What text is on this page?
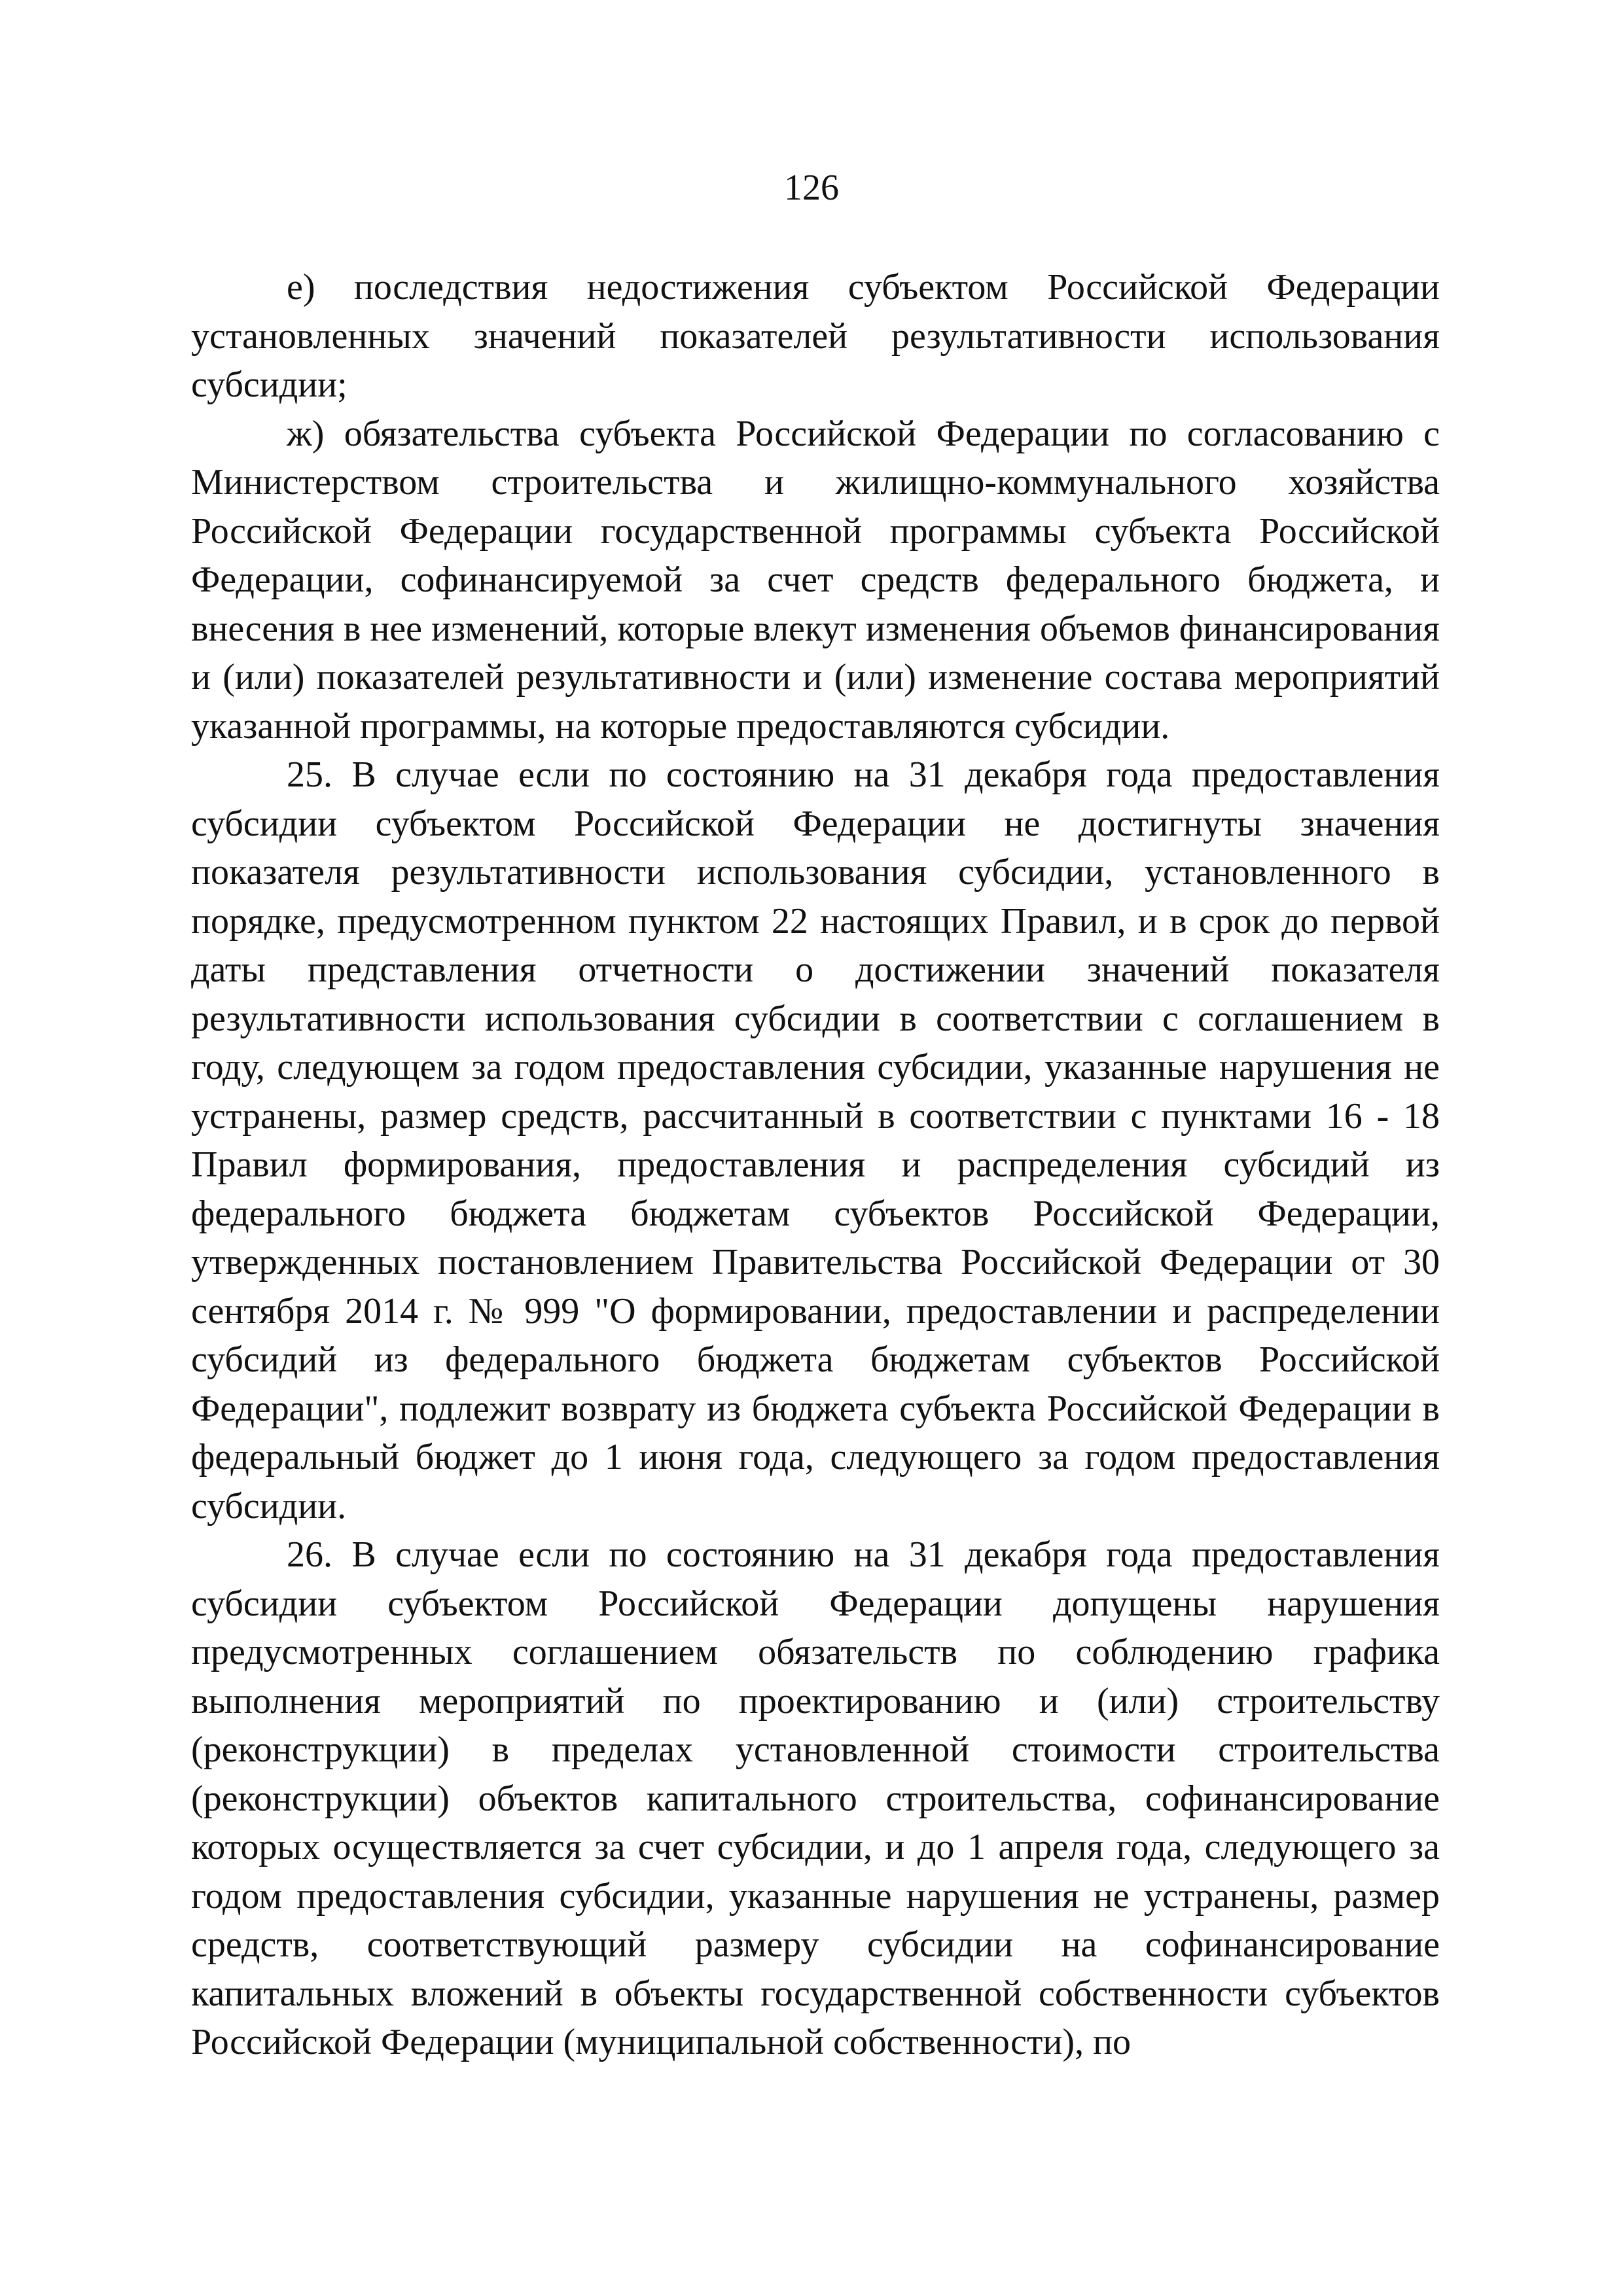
126

е) последствия недостижения субъектом Российской Федерации установленных значений показателей результативности использования субсидии;

ж) обязательства субъекта Российской Федерации по согласованию с Министерством строительства и жилищно-коммунального хозяйства Российской Федерации государственной программы субъекта Российской Федерации, софинансируемой за счет средств федерального бюджета, и внесения в нее изменений, которые влекут изменения объемов финансирования и (или) показателей результативности и (или) изменение состава мероприятий указанной программы, на которые предоставляются субсидии.

25. В случае если по состоянию на 31 декабря года предоставления субсидии субъектом Российской Федерации не достигнуты значения показателя результативности использования субсидии, установленного в порядке, предусмотренном пунктом 22 настоящих Правил, и в срок до первой даты представления отчетности о достижении значений показателя результативности использования субсидии в соответствии с соглашением в году, следующем за годом предоставления субсидии, указанные нарушения не устранены, размер средств, рассчитанный в соответствии с пунктами 16 - 18 Правил формирования, предоставления и распределения субсидий из федерального бюджета бюджетам субъектов Российской Федерации, утвержденных постановлением Правительства Российской Федерации от 30 сентября 2014 г. № 999 "О формировании, предоставлении и распределении субсидий из федерального бюджета бюджетам субъектов Российской Федерации", подлежит возврату из бюджета субъекта Российской Федерации в федеральный бюджет до 1 июня года, следующего за годом предоставления субсидии.

26. В случае если по состоянию на 31 декабря года предоставления субсидии субъектом Российской Федерации допущены нарушения предусмотренных соглашением обязательств по соблюдению графика выполнения мероприятий по проектированию и (или) строительству (реконструкции) в пределах установленной стоимости строительства (реконструкции) объектов капитального строительства, софинансирование которых осуществляется за счет субсидии, и до 1 апреля года, следующего за годом предоставления субсидии, указанные нарушения не устранены, размер средств, соответствующий размеру субсидии на софинансирование капитальных вложений в объекты государственной собственности субъектов Российской Федерации (муниципальной собственности), по
